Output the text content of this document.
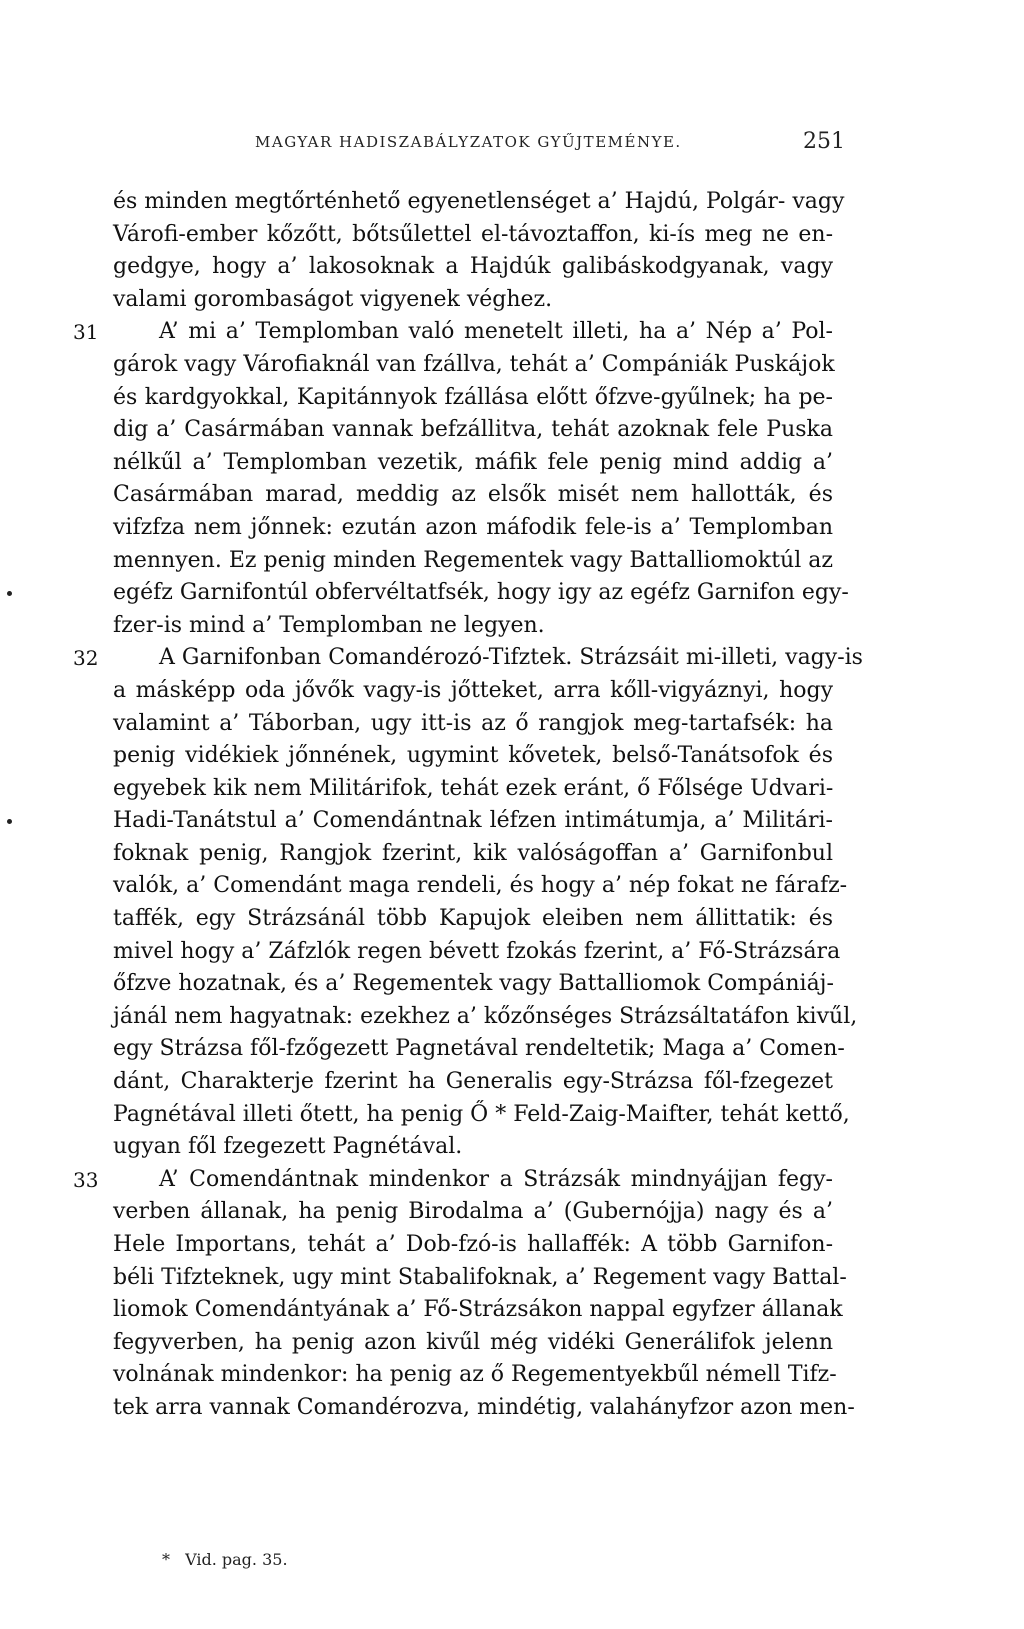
MAGYAR HADISZABÁLYZATOK GYŰJTEMÉNYE.	251
és minden megtőrténhető egyenetlenséget a’ Hajdú, Polgár- vagy
Várofi-ember kőzőtt, bőtsűlettel el-távoztaffon, ki-ís meg ne en-
gedgye, hogy a’ lakosoknak a Hajdúk galibáskodgyanak, vagy
valami gorombaságot vigyenek véghez.
31	A’ mi a’ Templomban való menetelt illeti, ha a’ Nép a’ Pol-
gárok vagy Várofiaknál van fzállva, tehát a’ Compániák Puskájok
és kardgyokkal, Kapitánnyok fzállása előtt őfzve-gyűlnek; ha pe-
dig a’ Casármában vannak befzállitva, tehát azoknak fele Puska
nélkűl a’ Templomban vezetik, máfik fele penig mind addig a’
Casármában marad, meddig az elsők misét nem hallották, és
vifzfza nem jőnnek: ezután azon máfodik fele-is a’ Templomban
mennyen. Ez penig minden Regementek vagy Battalliomoktúl az
egéfz Garnifontúl obfervéltatfsék, hogy igy az egéfz Garnifon egy-
fzer-is mind a’ Templomban ne legyen.
32	A Garnifonban Comandérozó-Tifztek. Strázsáit mi-illeti, vagy-is
a másképp oda jővők vagy-is jőtteket, arra kőll-vigyáznyi, hogy
valamint a’ Táborban, ugy itt-is az ő rangjok meg-tartafsék: ha
penig vidékiek jőnnének, ugymint kővetek, belső-Tanátsofok és
egyebek kik nem Militárifok, tehát ezek eránt, ő Főlsége Udvari-
Hadi-Tanátstul a’ Comendántnak léfzen intimátumja, a’ Militári-
foknak penig, Rangjok fzerint, kik valóságoffan a’ Garnifonbul
valók, a’ Comendánt maga rendeli, és hogy a’ nép fokat ne fárafz-
taffék, egy Strázsánál több Kapujok eleiben nem állittatik: és
mivel hogy a’ Záfzlók regen bévett fzokás fzerint, a’ Fő-Strázsára
őfzve hozatnak, és a’ Regementek vagy Battalliomok Compániáj-
jánál nem hagyatnak: ezekhez a’ kőzőnséges Strázsáltatáfon kivűl,
egy Strázsa fől-fzőgezett Pagnetával rendeltetik; Maga a’ Comen-
dánt, Charakterje fzerint ha Generalis egy-Strázsa fől-fzegezet
Pagnétával illeti őtett, ha penig Ő * Feld-Zaig-Maifter, tehát kettő,
ugyan fől fzegezett Pagnétával.
33	A’ Comendántnak mindenkor a Strázsák mindnyájjan fegy-
verben állanak, ha penig Birodalma a’ (Gubernójja) nagy és a’
Hele Importans, tehát a’ Dob-fzó-is hallaffék: A több Garnifon-
béli Tifzteknek, ugy mint Stabalifoknak, a’ Regement vagy Battal-
liomok Comendántyának a’ Fő-Strázsákon nappal egyfzer állanak
fegyverben, ha penig azon kivűl még vidéki Generálifok jelenn
volnának mindenkor: ha penig az ő Regementyekbűl némell Tifz-
tek arra vannak Comandérozva, mindétig, valahányfzor azon men-
* Vid. pag. 35.
